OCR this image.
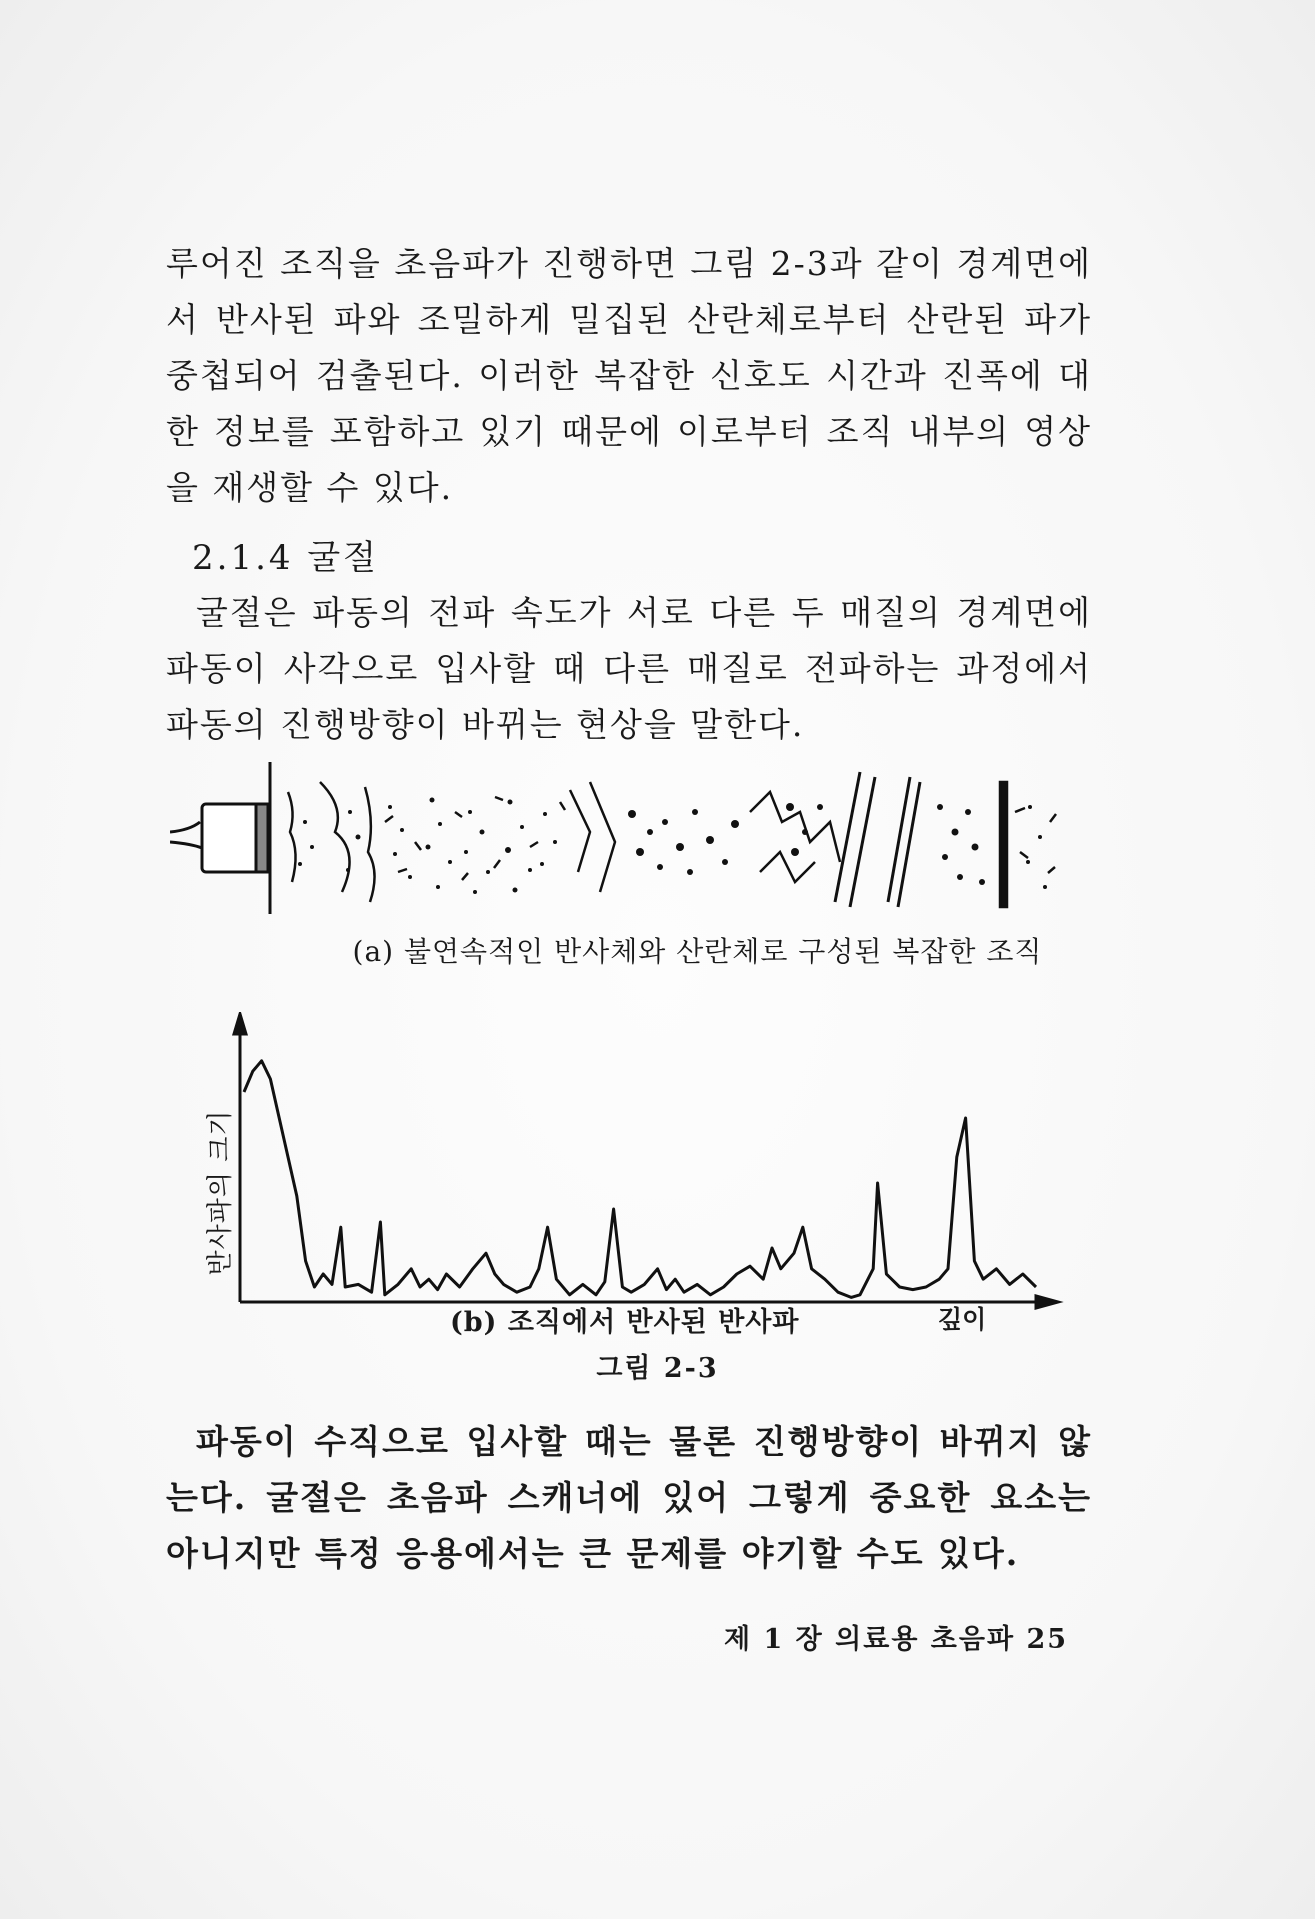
루어진 조직을 초음파가 진행하면 그림 2-3과 같이 경계면에서 반사된 파와 조밀하게 밀집된 산란체로부터 산란된 파가 중첩되어 검출된다. 이러한 복잡한 신호도 시간과 진폭에 대한 정보를 포함하고 있기 때문에 이로부터 조직 내부의 영상을 재생할 수 있다.

2.1.4 굴절

굴절은 파동의 전파 속도가 서로 다른 두 매질의 경계면에 파동이 사각으로 입사할 때 다른 매질로 전파하는 과정에서 파동의 진행방향이 바뀌는 현상을 말한다.

(a) 불연속적인 반사체와 산란체로 구성된 복잡한 조직
반사파의 크기
(b) 조직에서 반사된 반사파	깊이
그림 2-3

파동이 수직으로 입사할 때는 물론 진행방향이 바뀌지 않는다. 굴절은 초음파 스캐너에 있어 그렇게 중요한 요소는 아니지만 특정 응용에서는 큰 문제를 야기할 수도 있다.

제 1 장 의료용 초음파 25
